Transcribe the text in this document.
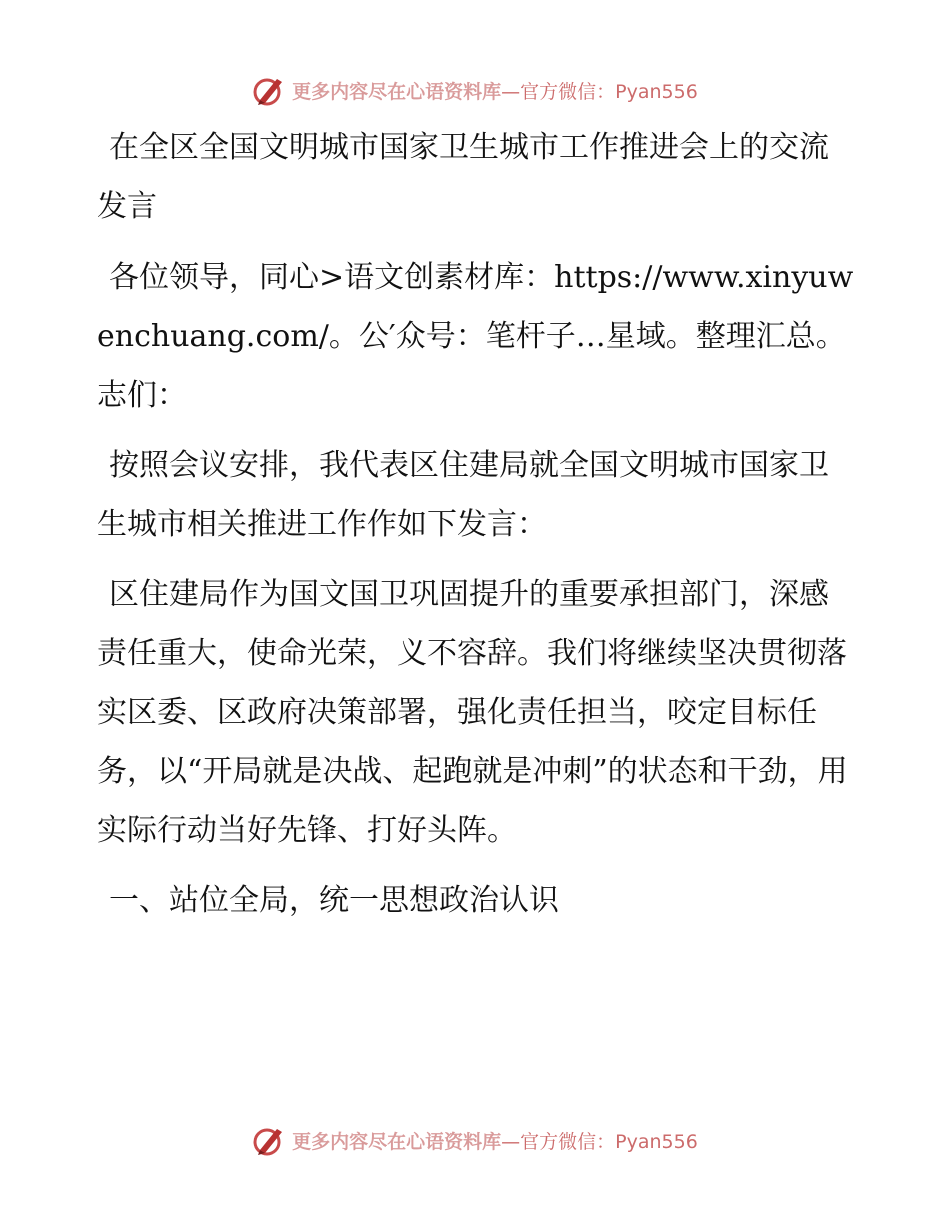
更多内容尽在心语资料库—官方微信：Pyan556

在全区全国文明城市国家卫生城市工作推进会上的交流发言

各位领导，同心>语文创素材库：https://www.xinyuwenchuang.com/。公′众号：笔杆子…星域。整理汇总。志们：

按照会议安排，我代表区住建局就全国文明城市国家卫生城市相关推进工作作如下发言：

区住建局作为国文国卫巩固提升的重要承担部门，深感责任重大，使命光荣，义不容辞。我们将继续坚决贯彻落实区委、区政府决策部署，强化责任担当，咬定目标任务，以“开局就是决战、起跑就是冲刺”的状态和干劲，用实际行动当好先锋、打好头阵。

一、站位全局，统一思想政治认识

更多内容尽在心语资料库—官方微信：Pyan556
